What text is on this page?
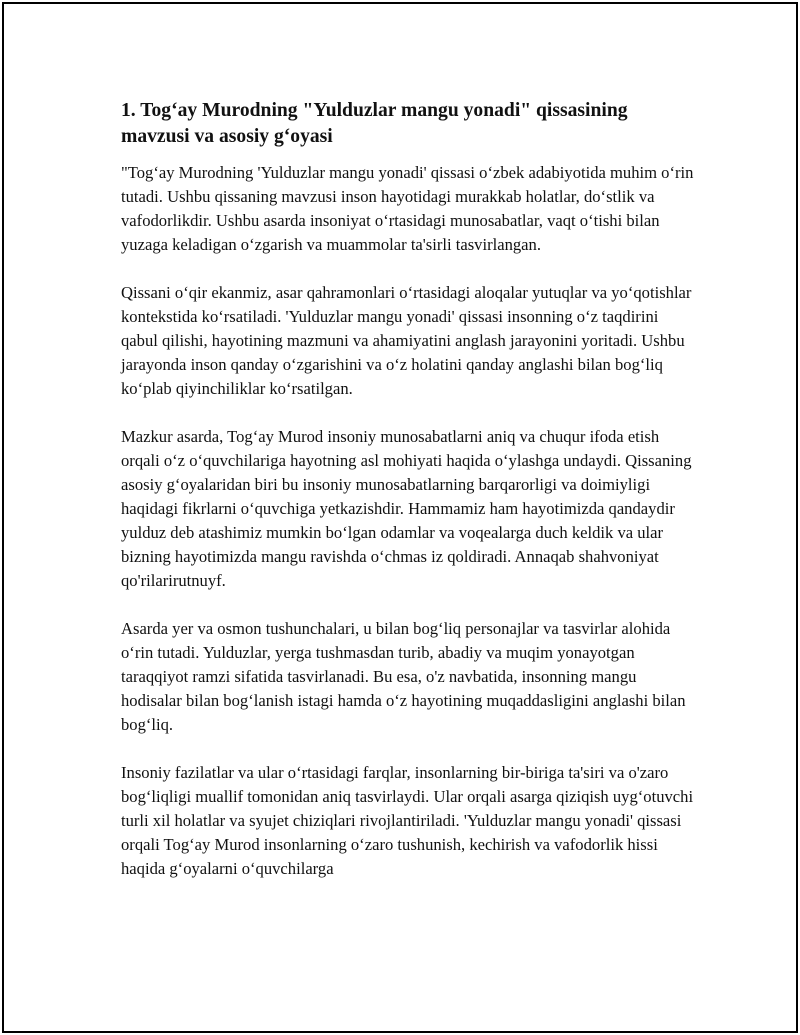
1. Tog‘ay Murodning "Yulduzlar mangu yonadi" qissasining mavzusi va asosiy g‘oyasi

"Tog‘ay Murodning 'Yulduzlar mangu yonadi' qissasi o‘zbek adabiyotida muhim o‘rin tutadi. Ushbu qissaning mavzusi inson hayotidagi murakkab holatlar, do‘stlik va vafodorlikdir. Ushbu asarda insoniyat o‘rtasidagi munosabatlar, vaqt o‘tishi bilan yuzaga keladigan o‘zgarish va muammolar ta'sirli tasvirlangan.

Qissani o‘qir ekanmiz, asar qahramonlari o‘rtasidagi aloqalar yutuqlar va yo‘qotishlar kontekstida ko‘rsatiladi. 'Yulduzlar mangu yonadi' qissasi insonning o‘z taqdirini qabul qilishi, hayotining mazmuni va ahamiyatini anglash jarayonini yoritadi. Ushbu jarayonda inson qanday o‘zgarishini va o‘z holatini qanday anglashi bilan bog‘liq ko‘plab qiyinchiliklar ko‘rsatilgan.

Mazkur asarda, Tog‘ay Murod insoniy munosabatlarni aniq va chuqur ifoda etish orqali o‘z o‘quvchilariga hayotning asl mohiyati haqida o‘ylashga undaydi. Qissaning asosiy g‘oyalaridan biri bu insoniy munosabatlarning barqarorligi va doimiyligi haqidagi fikrlarni o‘quvchiga yetkazishdir. Hammamiz ham hayotimizda qandaydir yulduz deb atashimiz mumkin bo‘lgan odamlar va voqealarga duch keldik va ular bizning hayotimizda mangu ravishda o‘chmas iz qoldiradi. Annaqab shahvoniyat qo'rilarirutnuyf.

Asarda yer va osmon tushunchalari, u bilan bog‘liq personajlar va tasvirlar alohida o‘rin tutadi. Yulduzlar, yerga tushmasdan turib, abadiy va muqim yonayotgan taraqqiyot ramzi sifatida tasvirlanadi. Bu esa, o'z navbatida, insonning mangu hodisalar bilan bog‘lanish istagi hamda o‘z hayotining muqaddasligini anglashi bilan bog‘liq.

Insoniy fazilatlar va ular o‘rtasidagi farqlar, insonlarning bir-biriga ta'siri va o'zaro bog‘liqligi muallif tomonidan aniq tasvirlaydi. Ular orqali asarga qiziqish uyg‘otuvchi turli xil holatlar va syujet chiziqlari rivojlantiriladi. 'Yulduzlar mangu yonadi' qissasi orqali Tog‘ay Murod insonlarning o‘zaro tushunish, kechirish va vafodorlik hissi haqida g‘oyalarni o‘quvchilarga
